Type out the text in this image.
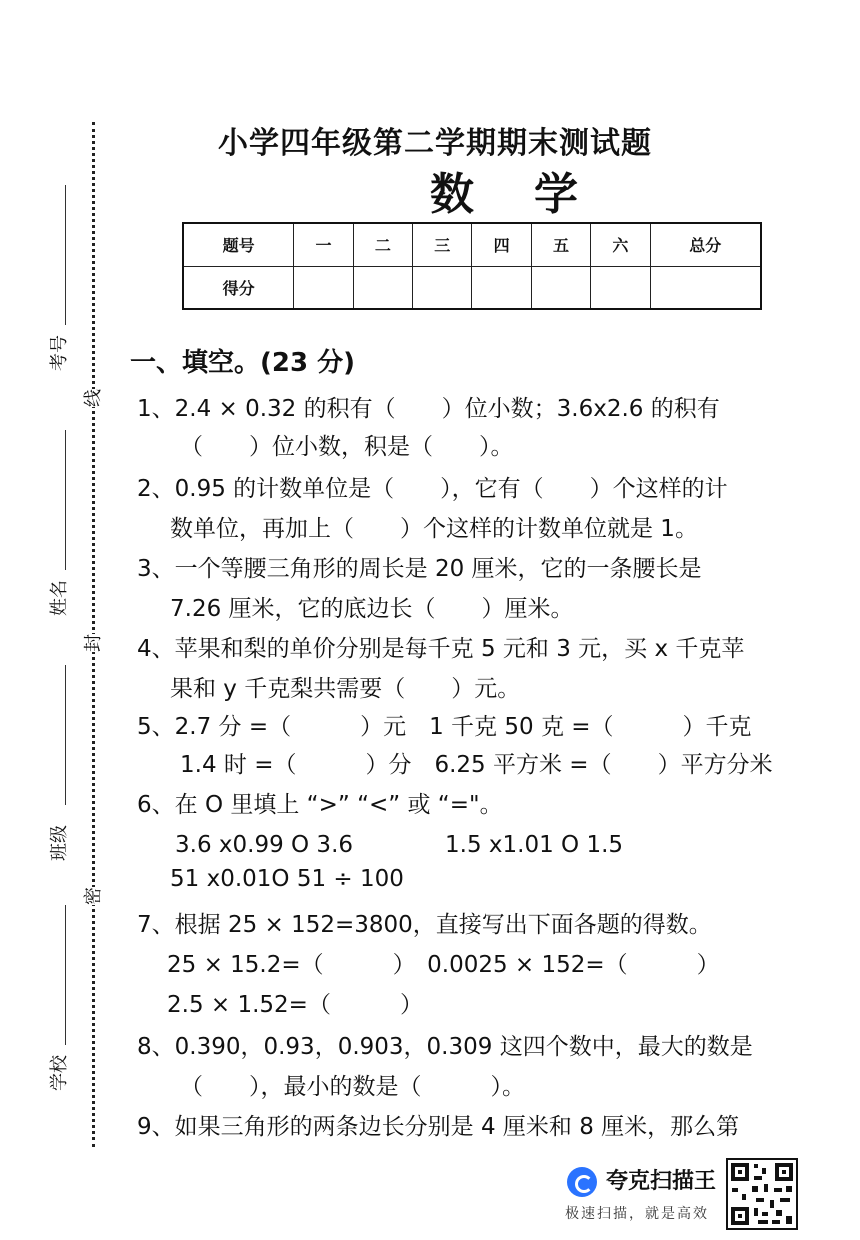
考号
姓名
班级
学校
线
封
密
小学四年级第二学期期末测试题
数学
题号	一	二	三	四	五	六	总分
得分							
一、填空。(23 分)
1、2.4 × 0.32 的积有（　　）位小数；3.6x2.6 的积有
（　　）位小数，积是（　　）。
2、0.95 的计数单位是（　　），它有（　　）个这样的计
数单位，再加上（　　）个这样的计数单位就是 1。
3、一个等腰三角形的周长是 20 厘米，它的一条腰长是
7.26 厘米，它的底边长（　　）厘米。
4、苹果和梨的单价分别是每千克 5 元和 3 元，买 x 千克苹
果和 y 千克梨共需要（　　）元。
5、2.7 分 =（　　　）元　1 千克 50 克 =（　　　）千克
1.4 时 =（　　　）分　6.25 平方米 =（　　）平方分米
6、在 O 里填上 “>” “<” 或 “="。
3.6 x0.99 O 3.6　　　　1.5 x1.01 O 1.5
51 x0.01O 51 ÷ 100
7、根据 25 × 152=3800，直接写出下面各题的得数。
25 × 15.2=（　　　）　0.0025 × 152=（　　　）
2.5 × 1.52=（　　　）
8、0.390，0.93，0.903，0.309 这四个数中，最大的数是
（　　），最小的数是（　　　）。
9、如果三角形的两条边长分别是 4 厘米和 8 厘米，那么第
夸克扫描王
极速扫描，就是高效
